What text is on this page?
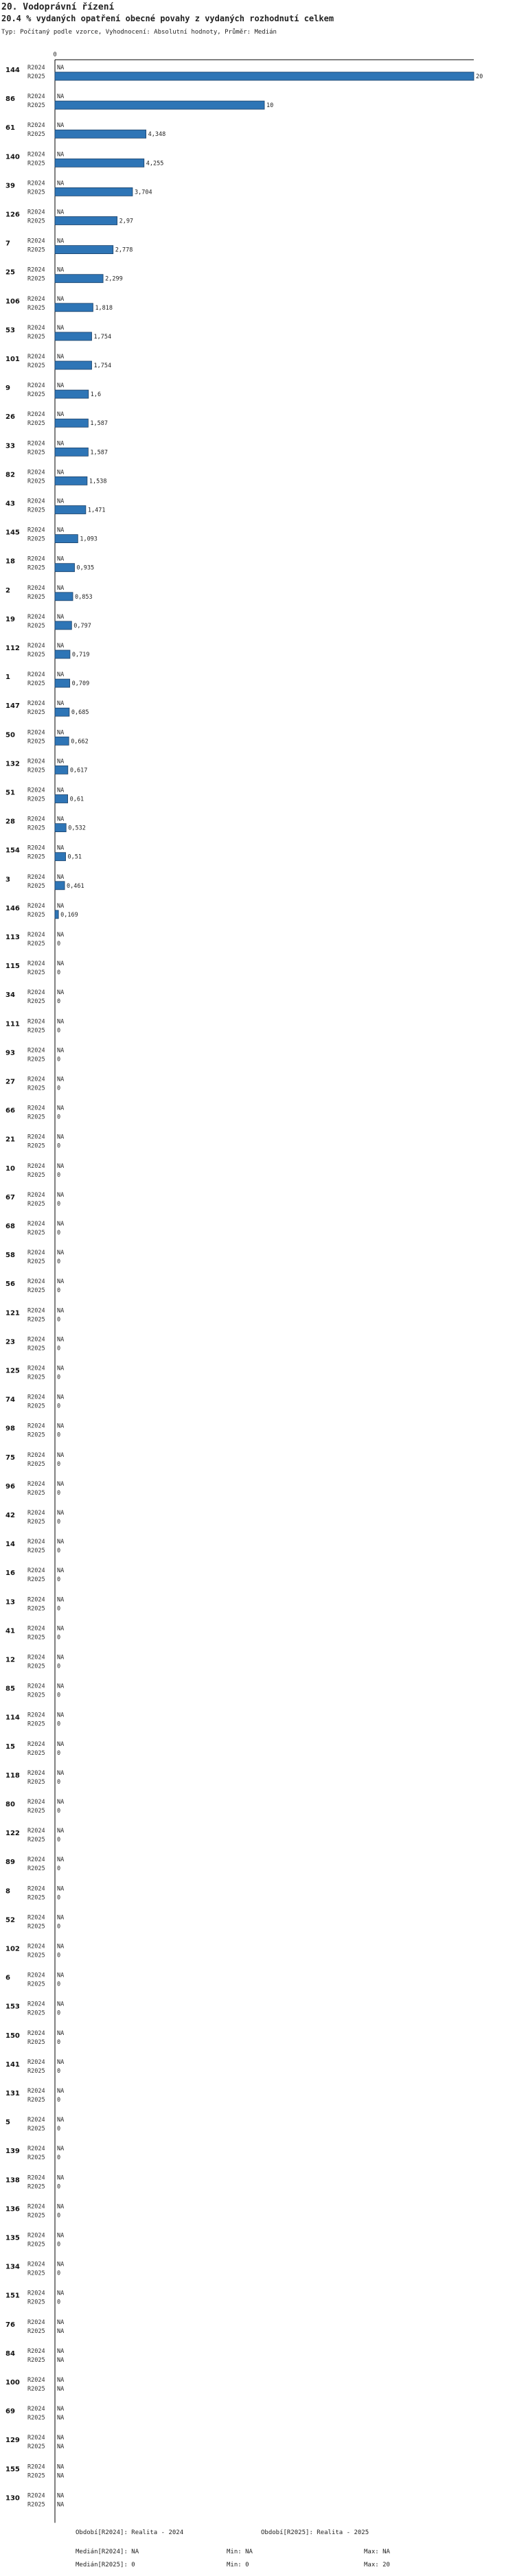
20. Vodoprávní řízení
20.4 % vydaných opatření obecné povahy z vydaných rozhodnutí celkem
Typ: Počítaný podle vzorce, Vyhodnocení: Absolutní hodnoty, Průměr: Medián
0
144 R2024
R2025
NA
20
86 R2024
R2025
NA
10
61 R2024
R2025
NA
4,348
140 R2024
R2025
NA
4,255
39 R2024
R2025
NA
3,704
126 R2024
R2025
NA
2,97
7	R2024
R2025
NA
2,778
25 R2024
R2025
NA
2,299
106 R2024
R2025
NA
1,818
53 R2024
R2025
NA
1,754
101 R2024
R2025
NA
1,754
9	R2024
R2025
NA
1,6
26 R2024
R2025
NA
1,587
33 R2024
R2025
NA
1,587
82 R2024
R2025
NA
1,538
43 R2024
R2025
NA
1,471
145 R2024
R2025
NA
1,093
18 R2024
R2025
NA
0,935
2	R2024
R2025
NA
0,853
19 R2024
R2025
NA
0,797
112 R2024
R2025
NA
0,719
1	R2024
R2025
NA
0,709
147 R2024
R2025
NA
0,685
50 R2024
R2025
NA
0,662
132 R2024
R2025
NA
0,617
51 R2024
R2025
NA
0,61
28 R2024
R2025
NA
0,532
154 R2024
R2025
NA
0,51
3	R2024
R2025
NA
0,461
146 R2024
R2025
NA
0,169
113 R2024
R2025
NA
0
115 R2024
R2025
NA
0
34 R2024
R2025
NA
0
111 R2024
R2025
NA
0
93 R2024
R2025
NA
0
27 R2024
R2025
NA
0
66 R2024
R2025
NA
0
21 R2024
R2025
NA
0
10 R2024
R2025
NA
0
67 R2024
R2025
NA
0
68 R2024
R2025
NA
0
58 R2024
R2025
NA
0
56 R2024
R2025
NA
0
121 R2024
R2025
NA
0
23 R2024
R2025
NA
0
125 R2024
R2025
NA
0
74 R2024
R2025
NA
0
98 R2024
R2025
NA
0
75 R2024
R2025
NA
0
96 R2024
R2025
NA
0
42 R2024
R2025
NA
0
14 R2024
R2025
NA
0
16 R2024
R2025
NA
0
13 R2024
R2025
NA
0
41 R2024
R2025
NA
0
12 R2024
R2025
NA
0
85 R2024
R2025
NA
0
114 R2024
R2025
NA
0
15 R2024
R2025
NA
0
118 R2024
R2025
NA
0
80 R2024
R2025
NA
0
122 R2024
R2025
NA
0
89 R2024
R2025
NA
0
8	R2024
R2025
NA
0
52 R2024
R2025
NA
0
102 R2024
R2025
NA
0
6	R2024
R2025
NA
0
153 R2024
R2025
NA
0
150 R2024
R2025
NA
0
141 R2024
R2025
NA
0
131 R2024
R2025
NA
0
5	R2024
R2025
NA
0
139 R2024
R2025
NA
0
138 R2024
R2025
NA
0
136 R2024
R2025
NA
0
135 R2024
R2025
NA
0
134 R2024
R2025
NA
0
151 R2024
R2025
NA
0
76 R2024
R2025
NA
NA
84 R2024
R2025
NA
NA
100 R2024
R2025
NA
NA
69 R2024
R2025
NA
NA
129 R2024
R2025
NA
NA
155 R2024
R2025
NA
NA
130 R2024
R2025
NA
NA
Období[R2024]: Realita - 2024	Období[R2025]: Realita - 2025
Medián[R2024]: NA	Min: NA	Max: NA
Medián[R2025]: 0	Min: 0	Max: 20
